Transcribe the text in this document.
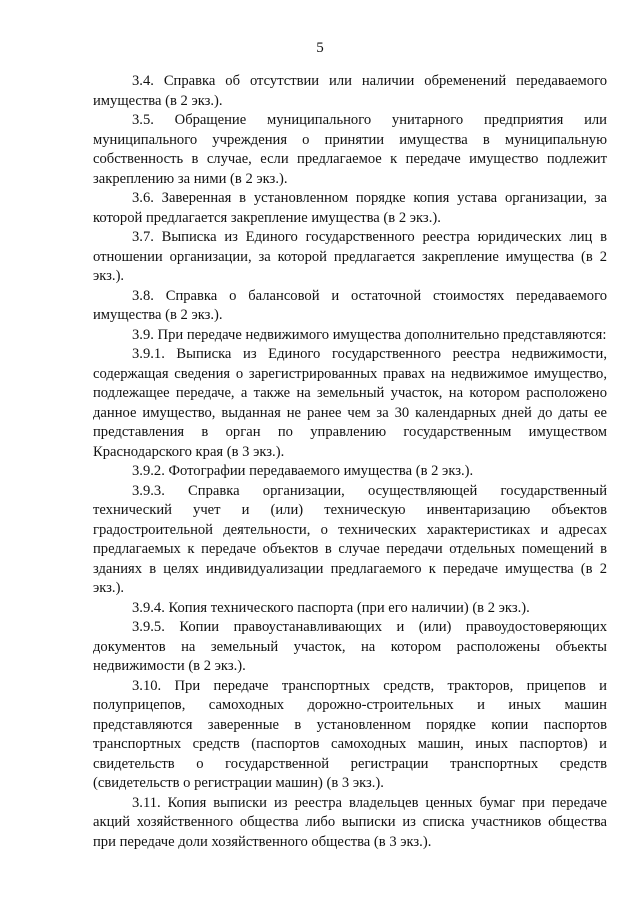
5

3.4. Справка об отсутствии или наличии обременений передаваемого имущества (в 2 экз.).

3.5. Обращение муниципального унитарного предприятия или муниципального учреждения о принятии имущества в муниципальную собственность в случае, если предлагаемое к передаче имущество подлежит закреплению за ними (в 2 экз.).

3.6. Заверенная в установленном порядке копия устава организации, за которой предлагается закрепление имущества (в 2 экз.).

3.7. Выписка из Единого государственного реестра юридических лиц в отношении организации, за которой предлагается закрепление имущества (в 2 экз.).

3.8. Справка о балансовой и остаточной стоимостях передаваемого имущества (в 2 экз.).

3.9. При передаче недвижимого имущества дополнительно представляются:

3.9.1. Выписка из Единого государственного реестра недвижимости, содержащая сведения о зарегистрированных правах на недвижимое имущество, подлежащее передаче, а также на земельный участок, на котором расположено данное имущество, выданная не ранее чем за 30 календарных дней до даты ее представления в орган по управлению государственным имуществом Краснодарского края (в 3 экз.).

3.9.2. Фотографии передаваемого имущества (в 2 экз.).

3.9.3. Справка организации, осуществляющей государственный технический учет и (или) техническую инвентаризацию объектов градостроительной деятельности, о технических характеристиках и адресах предлагаемых к передаче объектов в случае передачи отдельных помещений в зданиях в целях индивидуализации предлагаемого к передаче имущества (в 2 экз.).

3.9.4. Копия технического паспорта (при его наличии) (в 2 экз.).

3.9.5. Копии правоустанавливающих и (или) правоудостоверяющих документов на земельный участок, на котором расположены объекты недвижимости (в 2 экз.).

3.10. При передаче транспортных средств, тракторов, прицепов и полуприцепов, самоходных дорожно-строительных и иных машин представляются заверенные в установленном порядке копии паспортов транспортных средств (паспортов самоходных машин, иных паспортов) и свидетельств о государственной регистрации транспортных средств (свидетельств о регистрации машин) (в 3 экз.).

3.11. Копия выписки из реестра владельцев ценных бумаг при передаче акций хозяйственного общества либо выписки из списка участников общества при передаче доли хозяйственного общества (в 3 экз.).
